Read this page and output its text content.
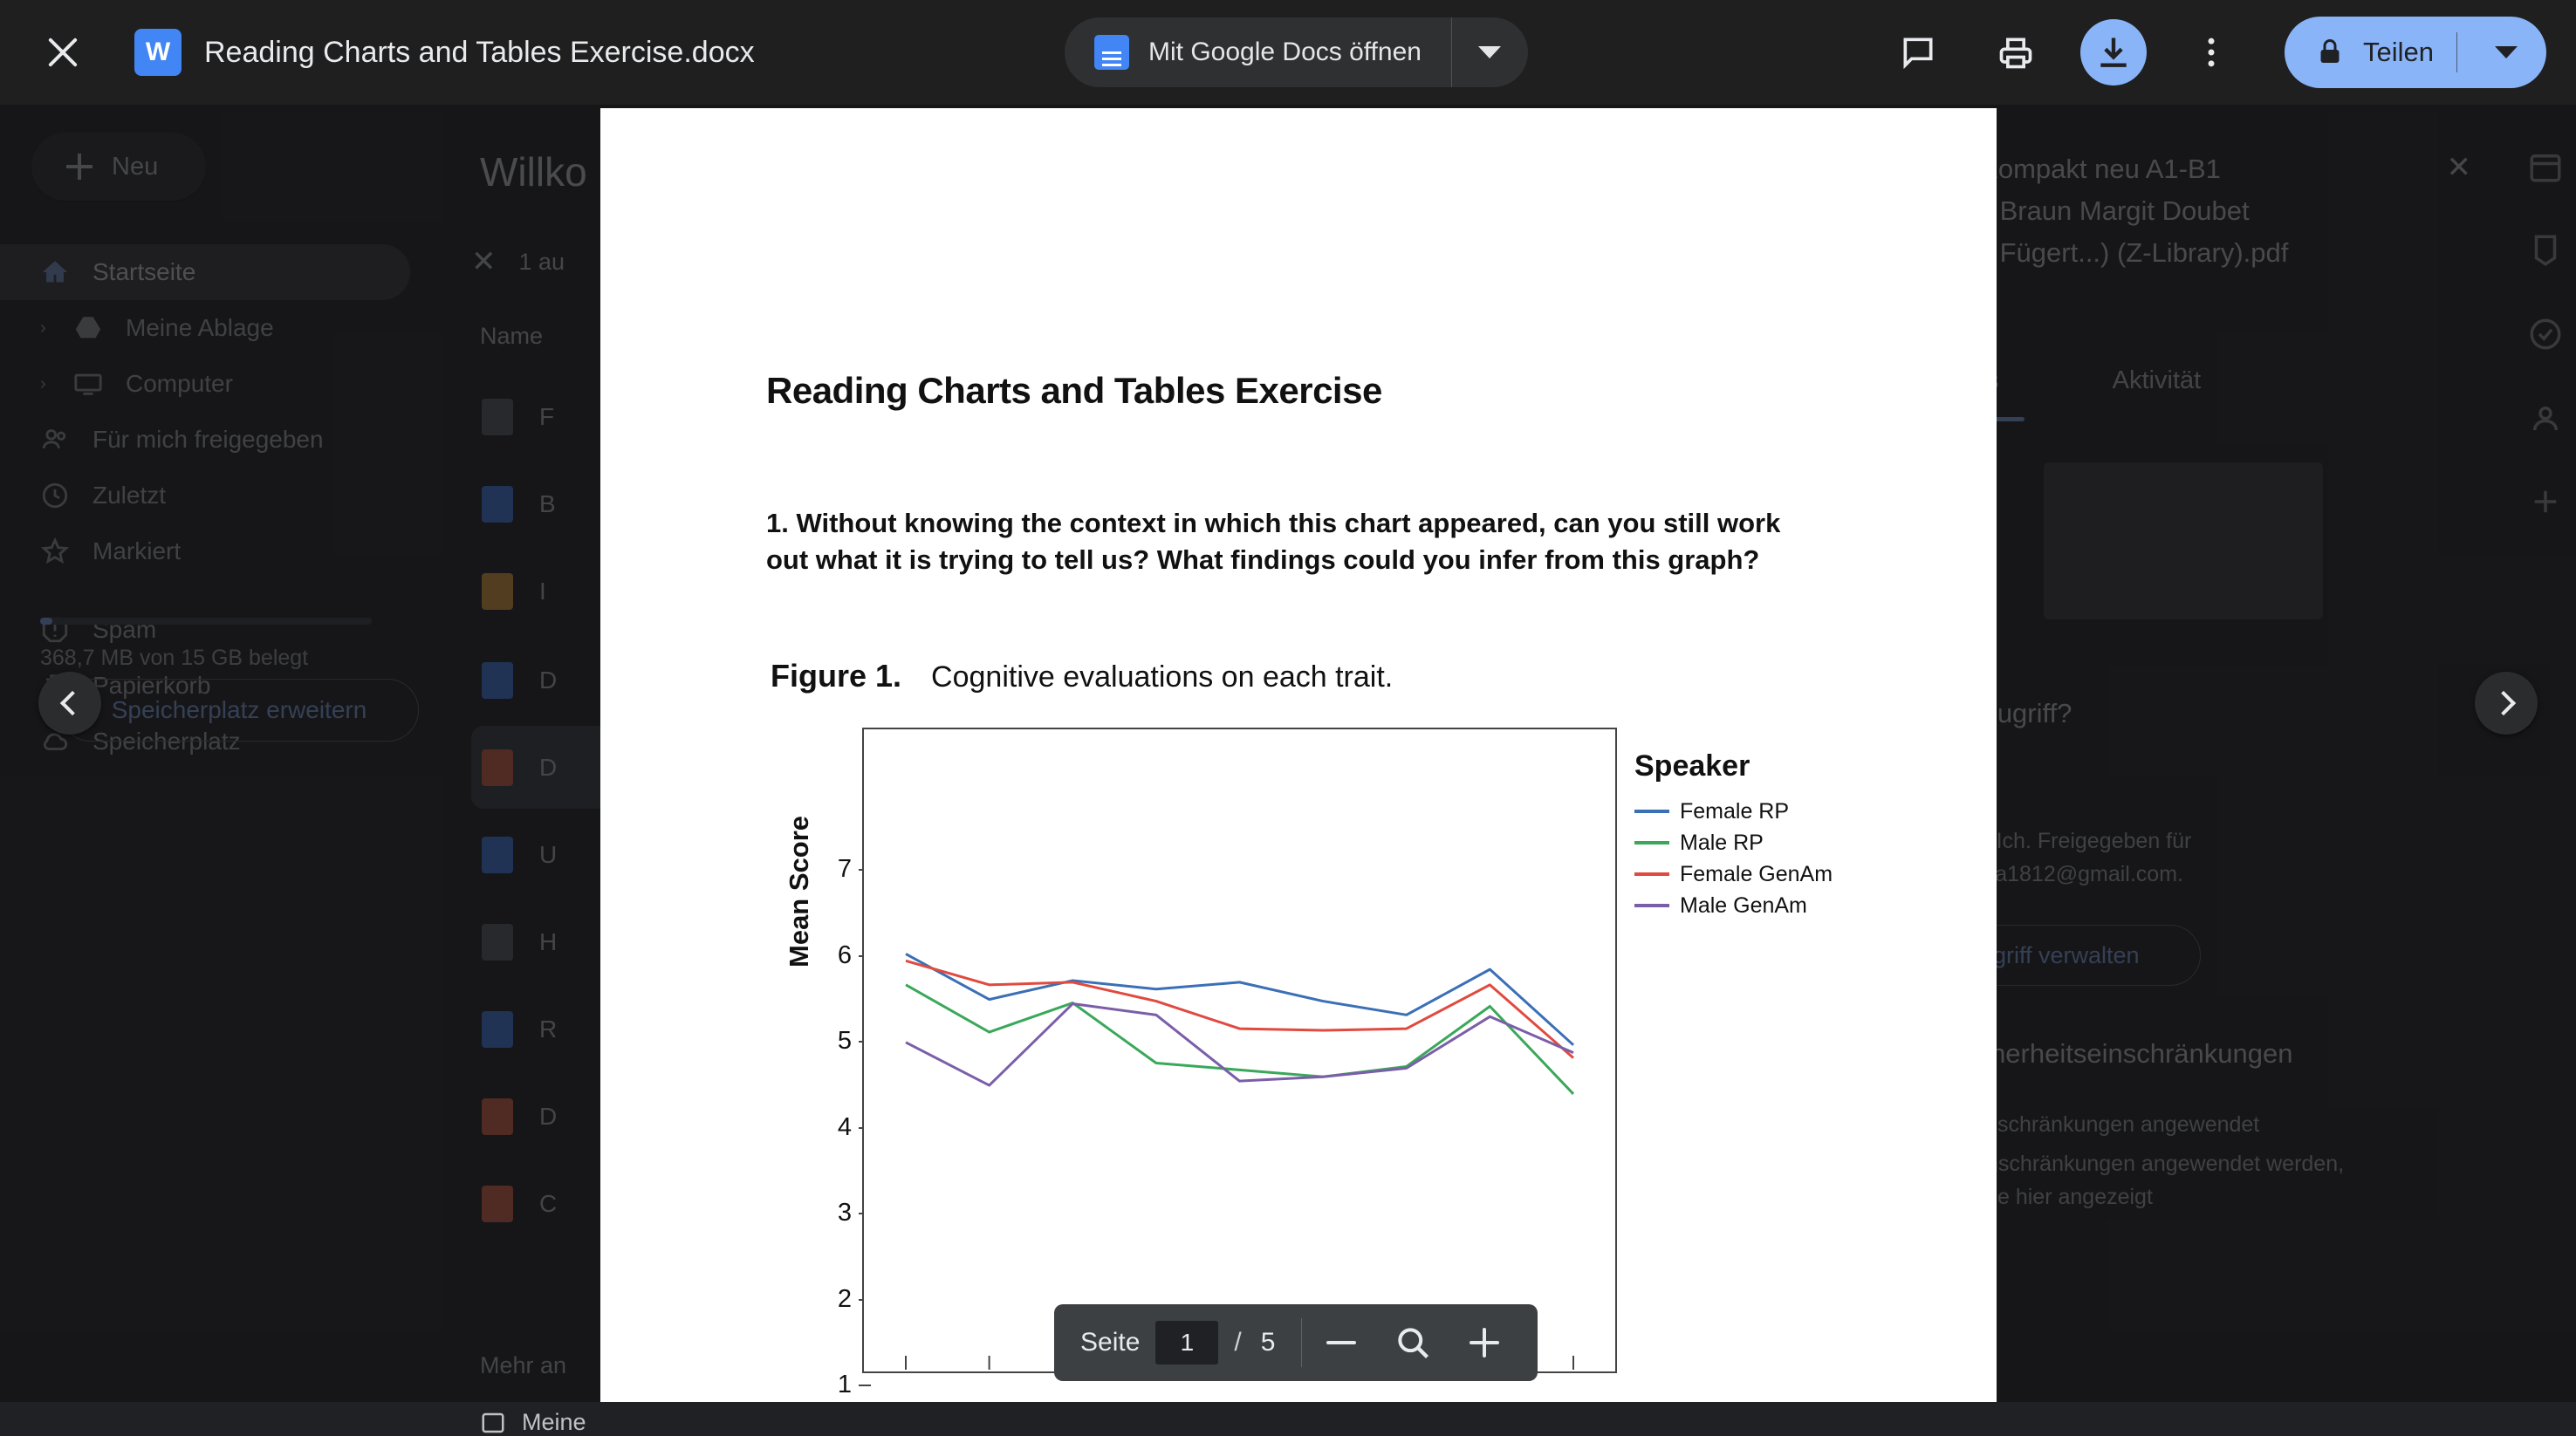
Meine
W	Reading Charts and Tables Exercise.docx	Mit Google Docs öffnen	Teilen
Reading Charts and Tables Exercise
1. Without knowing the context in which this chart appeared, can you still work out what it is trying to tell us? What findings could you infer from this graph?
Figure 1. Cognitive evaluations on each trait.
Mean Score 7
6
5
4
3
2
1
Speaker
Female RP
Male RP
Female GenAm
Male GenAm
Seite
1	/ 5
